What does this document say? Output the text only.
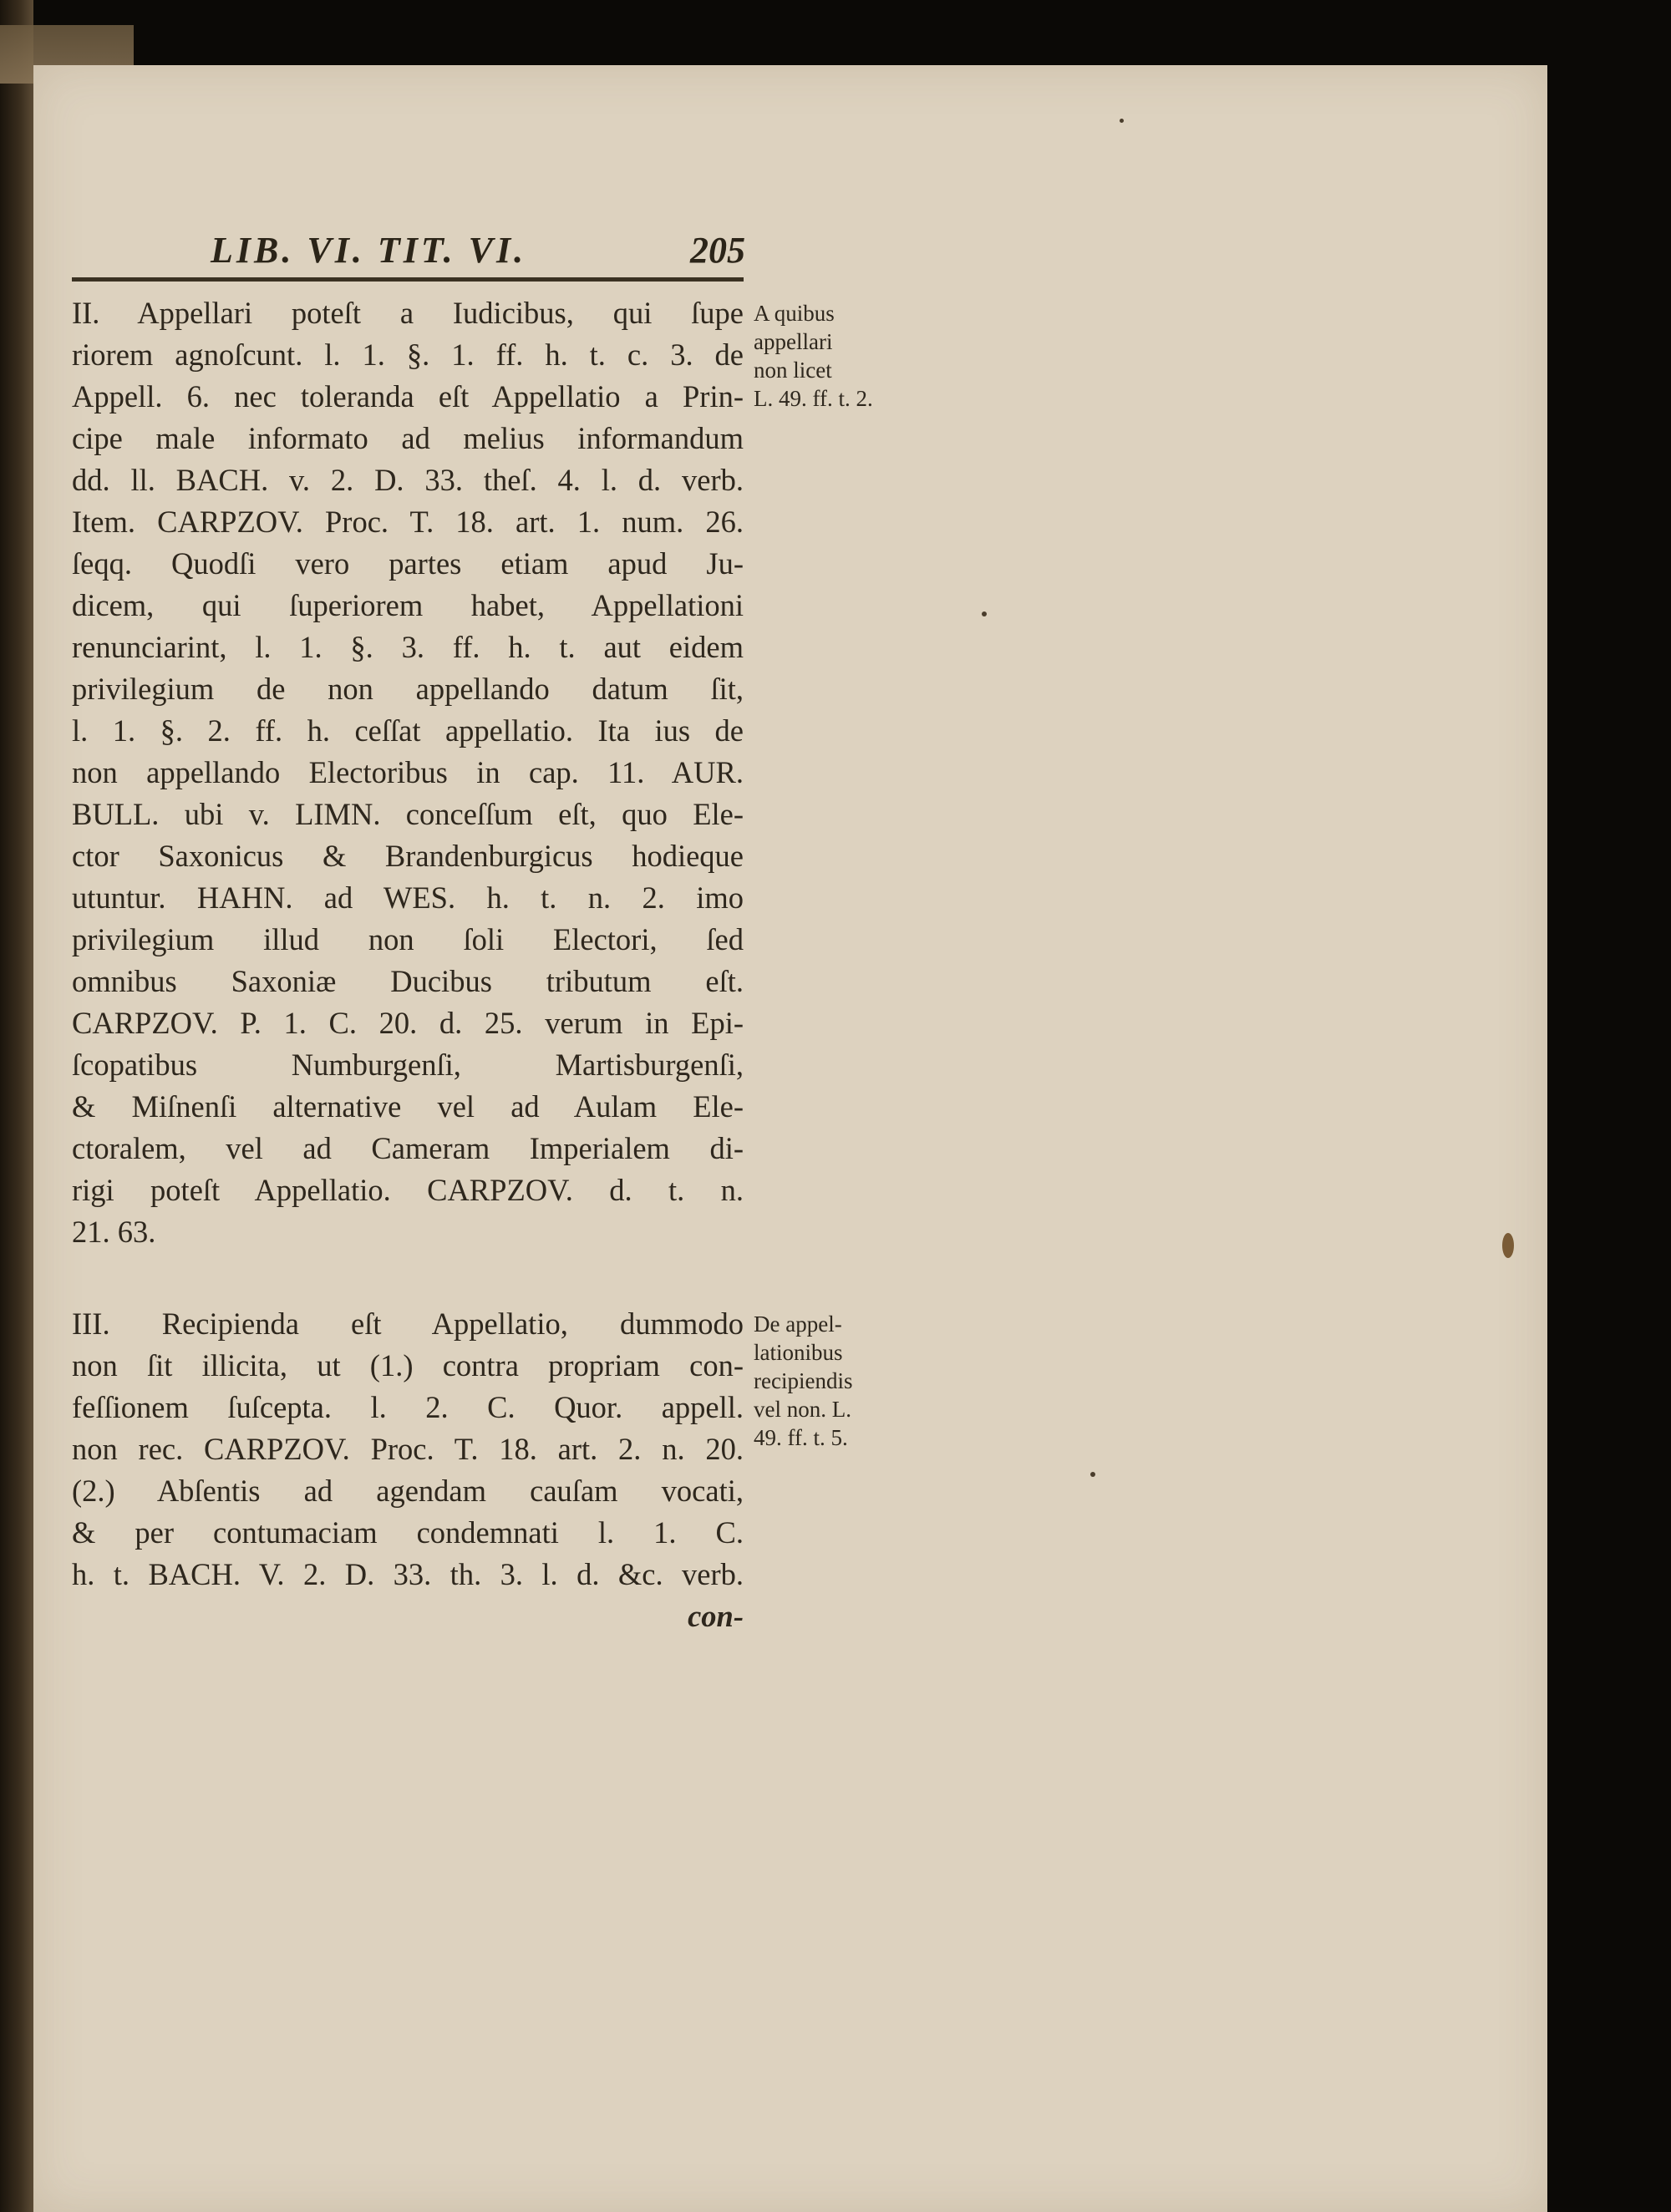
LIB. VI. TIT. VI.	205
II. Appellari poteſt a Iudicibus, qui ſupe
riorem agnoſcunt. l. 1. §. 1. ff. h. t. c. 3. de
Appell. 6. nec toleranda eſt Appellatio a Prin-
cipe male informato ad melius informandum
dd. ll. BACH. v. 2. D. 33. theſ. 4. l. d. verb.
Item. CARPZOV. Proc. T. 18. art. 1. num. 26.
ſeqq. Quodſi vero partes etiam apud Ju-
dicem, qui ſuperiorem habet, Appellationi
renunciarint, l. 1. §. 3. ff. h. t. aut eidem
privilegium de non appellando datum ſit,
l. 1. §. 2. ff. h. ceſſat appellatio. Ita ius de
non appellando Electoribus in cap. 11. AUR.
BULL. ubi v. LIMN. conceſſum eſt, quo Ele-
ctor Saxonicus & Brandenburgicus hodieque
utuntur. HAHN. ad WES. h. t. n. 2. imo
privilegium illud non ſoli Electori, ſed
omnibus Saxoniæ Ducibus tributum eſt.
CARPZOV. P. 1. C. 20. d. 25. verum in Epi-
ſcopatibus Numburgenſi, Martisburgenſi,
& Miſnenſi alternative vel ad Aulam Ele-
ctoralem, vel ad Cameram Imperialem di-
rigi poteſt Appellatio. CARPZOV. d. t. n.
21. 63.
A quibus
appellari
non licet
L. 49. ff. t. 2.
III. Recipienda eſt Appellatio, dummodo
non ſit illicita, ut (1.) contra propriam con-
feſſionem ſuſcepta. l. 2. C. Quor. appell.
non rec. CARPZOV. Proc. T. 18. art. 2. n. 20.
(2.) Abſentis ad agendam cauſam vocati,
& per contumaciam condemnati l. 1. C.
h. t. BACH. V. 2. D. 33. th. 3. l. d. &c. verb.
con-
De appel-
lationibus
recipiendis
vel non. L.
49. ff. t. 5.
